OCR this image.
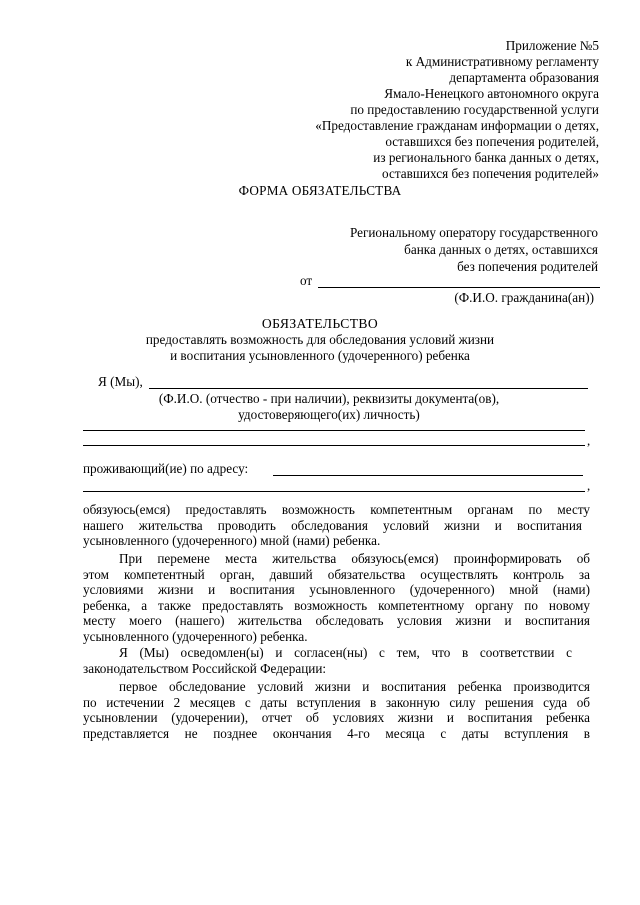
Приложение №5
к Административному регламенту
департамента образования
Ямало-Ненецкого автономного округа
по предоставлению государственной услуги
«Предоставление гражданам информации о детях,
оставшихся без попечения родителей,
из регионального банка данных о детях,
оставшихся без попечения родителей»
ФОРМА ОБЯЗАТЕЛЬСТВА
Региональному оператору государственного
банка данных о детях, оставшихся
без попечения родителей
от
(Ф.И.О. гражданина(ан))
ОБЯЗАТЕЛЬСТВО
предоставлять возможность для обследования условий жизни
и воспитания усыновленного (удочеренного) ребенка
Я (Мы),
(Ф.И.О. (отчество - при наличии), реквизиты документа(ов),
удостоверяющего(их) личность)
,
проживающий(ие) по адресу:
,
обязуюсь(емся) предоставлять возможность компетентным органам по месту
нашего жительства проводить обследования условий жизни и воспитания
усыновленного (удочеренного) мной (нами) ребенка.
При перемене места жительства обязуюсь(емся) проинформировать об
этом компетентный орган, давший обязательства осуществлять контроль за
условиями жизни и воспитания усыновленного (удочеренного) мной (нами)
ребенка, а также предоставлять возможность компетентному органу по новому
месту моего (нашего) жительства обследовать условия жизни и воспитания
усыновленного (удочеренного) ребенка.
Я (Мы) осведомлен(ы) и согласен(ны) с тем, что в соответствии с
законодательством Российской Федерации:
первое обследование условий жизни и воспитания ребенка производится
по истечении 2 месяцев с даты вступления в законную силу решения суда об
усыновлении (удочерении), отчет об условиях жизни и воспитания ребенка
представляется не позднее окончания 4-го месяца с даты вступления в
